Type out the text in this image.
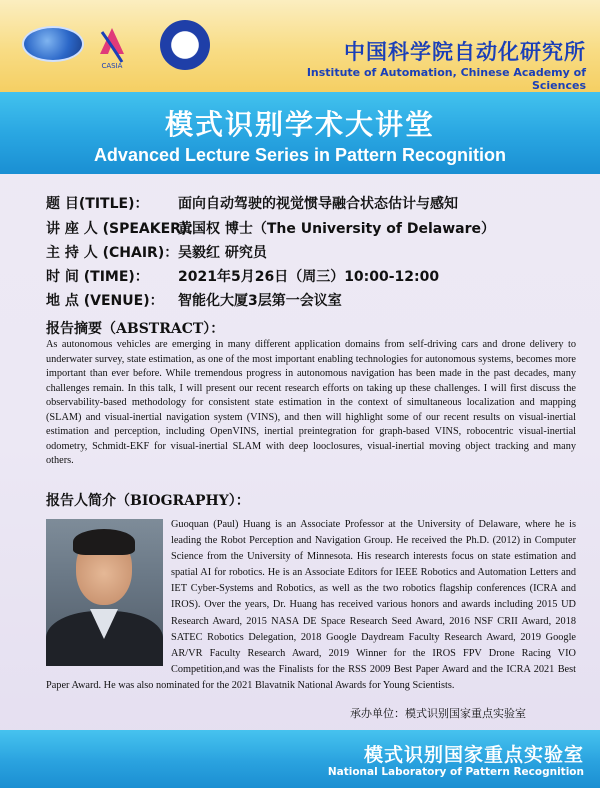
CASIA
中国科学院自动化研究所
Institute of Automation, Chinese Academy of Sciences
模式识别学术大讲堂
Advanced Lecture Series in Pattern Recognition
题 目(TITLE)： 面向自动驾驶的视觉惯导融合状态估计与感知
讲 座 人 (SPEAKER)：黄国权 博士（The University of Delaware）
主 持 人 (CHAIR)：吴毅红 研究员
时 间 (TIME)： 2021年5月26日（周三）10:00-12:00
地 点 (VENUE)： 智能化大厦3层第一会议室
报告摘要（ABSTRACT）：
As autonomous vehicles are emerging in many different application domains from self-driving cars and drone delivery to underwater survey, state estimation, as one of the most important enabling technologies for autonomous systems, becomes more important than ever before. While tremendous progress in autonomous navigation has been made in the past decades, many challenges remain. In this talk, I will present our recent research efforts on taking up these challenges. I will first discuss the observability-based methodology for consistent state estimation in the context of simultaneous localization and mapping (SLAM) and visual-inertial navigation system (VINS), and then will highlight some of our recent results on visual-inertial estimation and perception, including OpenVINS, inertial preintegration for graph-based VINS, robocentric visual-inertial odometry, Schmidt-EKF for visual-inertial SLAM with deep looclosures, visual-inertial moving object tracking and many others.
报告人简介（BIOGRAPHY）：
Guoquan (Paul) Huang is an Associate Professor at the University of Delaware, where he is leading the Robot Perception and Navigation Group. He received the Ph.D. (2012) in Computer Science from the University of Minnesota. His research interests focus on state estimation and spatial AI for robotics. He is an Associate Editors for IEEE Robotics and Automation Letters and IET Cyber-Systems and Robotics, as well as the two robotics flagship conferences (ICRA and IROS). Over the years, Dr. Huang has received various honors and awards including 2015 UD Research Award, 2015 NASA DE Space Research Seed Award, 2016 NSF CRII Award, 2018 SATEC Robotics Delegation, 2018 Google Daydream Faculty Research Award, 2019 Google AR/VR Faculty Research Award, 2019 Winner for the IROS FPV Drone Racing VIO Competition,and was the Finalists for the RSS 2009 Best Paper Award and the ICRA 2021 Best Paper Award. He was also nominated for the 2021 Blavatnik National Awards for Young Scientists.
承办单位：模式识别国家重点实验室
模式识别国家重点实验室
National Laboratory of Pattern Recognition
